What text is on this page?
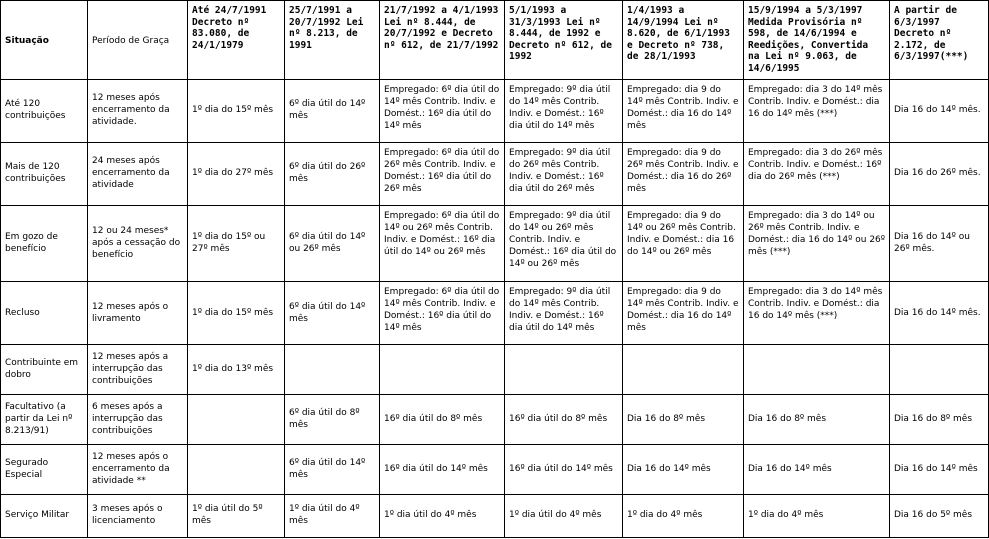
Situação	Período de Graça	Até 24/7/1991 Decreto nº 83.080, de 24/1/1979	25/7/1991 a 20/7/1992 Lei nº 8.213, de 1991	21/7/1992 a 4/1/1993 Lei nº 8.444, de 20/7/1992 e Decreto nº 612, de 21/7/1992	5/1/1993 a 31/3/1993 Lei nº 8.444, de 1992 e Decreto nº 612, de 1992	1/4/1993 a 14/9/1994 Lei nº 8.620, de 6/1/1993 e Decreto nº 738, de 28/1/1993	15/9/1994 a 5/3/1997 Medida Provisória nº 598, de 14/6/1994 e Reedições, Convertida na Lei nº 9.063, de 14/6/1995	A partir de 6/3/1997 Decreto nº 2.172, de 6/3/1997(***)
Até 120 contribuições	12 meses após encerramento da atividade.	1º dia do 15º mês	6º dia útil do 14º mês	Empregado: 6º dia útil do 14º mês Contrib. Indiv. e Domést.: 16º dia útil do 14º mês	Empregado: 9º dia útil do 14º mês Contrib. Indiv. e Domést.: 16º dia útil do 14º mês	Empregado: dia 9 do 14º mês Contrib. Indiv. e Domést.: dia 16 do 14º mês	Empregado: dia 3 do 14º mês Contrib. Indiv. e Domést.: dia 16 do 14º mês (***)	Dia 16 do 14º mês.
Mais de 120 contribuições	24 meses após encerramento da atividade	1º dia do 27º mês	6º dia útil do 26º mês	Empregado: 6º dia útil do 26º mês Contrib. Indiv. e Domést.: 16º dia útil do 26º mês	Empregado: 9º dia útil do 26º mês Contrib. Indiv. e Domést.: 16º dia útil do 26º mês	Empregado: dia 9 do 26º mês Contrib. Indiv. e Domést.: dia 16 do 26º mês	Empregado: dia 3 do 26º mês Contrib. Indiv. e Domést.: 16º dia do 26º mês (***)	Dia 16 do 26º mês.
Em gozo de benefício	12 ou 24 meses* após a cessação do benefício	1º dia do 15º ou 27º mês	6º dia útil do 14º ou 26º mês	Empregado: 6º dia útil do 14º ou 26º mês Contrib. Indiv. e Domést.: 16º dia útil do 14º ou 26º mês	Empregado: 9º dia útil do 14º ou 26º mês Contrib. Indiv. e Domést.: 16º dia útil do 14º ou 26º mês	Empregado: dia 9 do 14º ou 26º mês Contrib. Indiv. e Domést.: dia 16 do 14º ou 26º mês	Empregado: dia 3 do 14º ou 26º mês Contrib. Indiv. e Domést.: dia 16 do 14º ou 26º mês (***)	Dia 16 do 14º ou 26º mês.
Recluso	12 meses após o livramento	1º dia do 15º mês	6º dia útil do 14º mês	Empregado: 6º dia útil do 14º mês Contrib. Indiv. e Domést.: 16º dia útil do 14º mês	Empregado: 9º dia útil do 14º mês Contrib. Indiv. e Domést.: 16º dia útil do 14º mês	Empregado: dia 9 do 14º mês Contrib. Indiv. e Domést.: dia 16 do 14º mês	Empregado: dia 3 do 14º mês Contrib. Indiv. e Domést.: dia 16 do 14º mês (***)	Dia 16 do 14º mês.
Contribuinte em dobro	12 meses após a interrupção das contribuições	1º dia do 13º mês						
Facultativo (a partir da Lei nº 8.213/91)	6 meses após a interrupção das contribuições		6º dia útil do 8º mês	16º dia útil do 8º mês	16º dia útil do 8º mês	Dia 16 do 8º mês	Dia 16 do 8º mês	Dia 16 do 8º mês
Segurado Especial	12 meses após o encerramento da atividade **		6º dia útil do 14º mês	16º dia útil do 14º mês	16º dia útil do 14º mês	Dia 16 do 14º mês	Dia 16 do 14º mês	Dia 16 do 14º mês
Serviço Militar	3 meses após o licenciamento	1º dia útil do 5º mês	1º dia útil do 4º mês	1º dia útil do 4º mês	1º dia útil do 4º mês	1º dia do 4º mês	1º dia do 4º mês	Dia 16 do 5º mês
